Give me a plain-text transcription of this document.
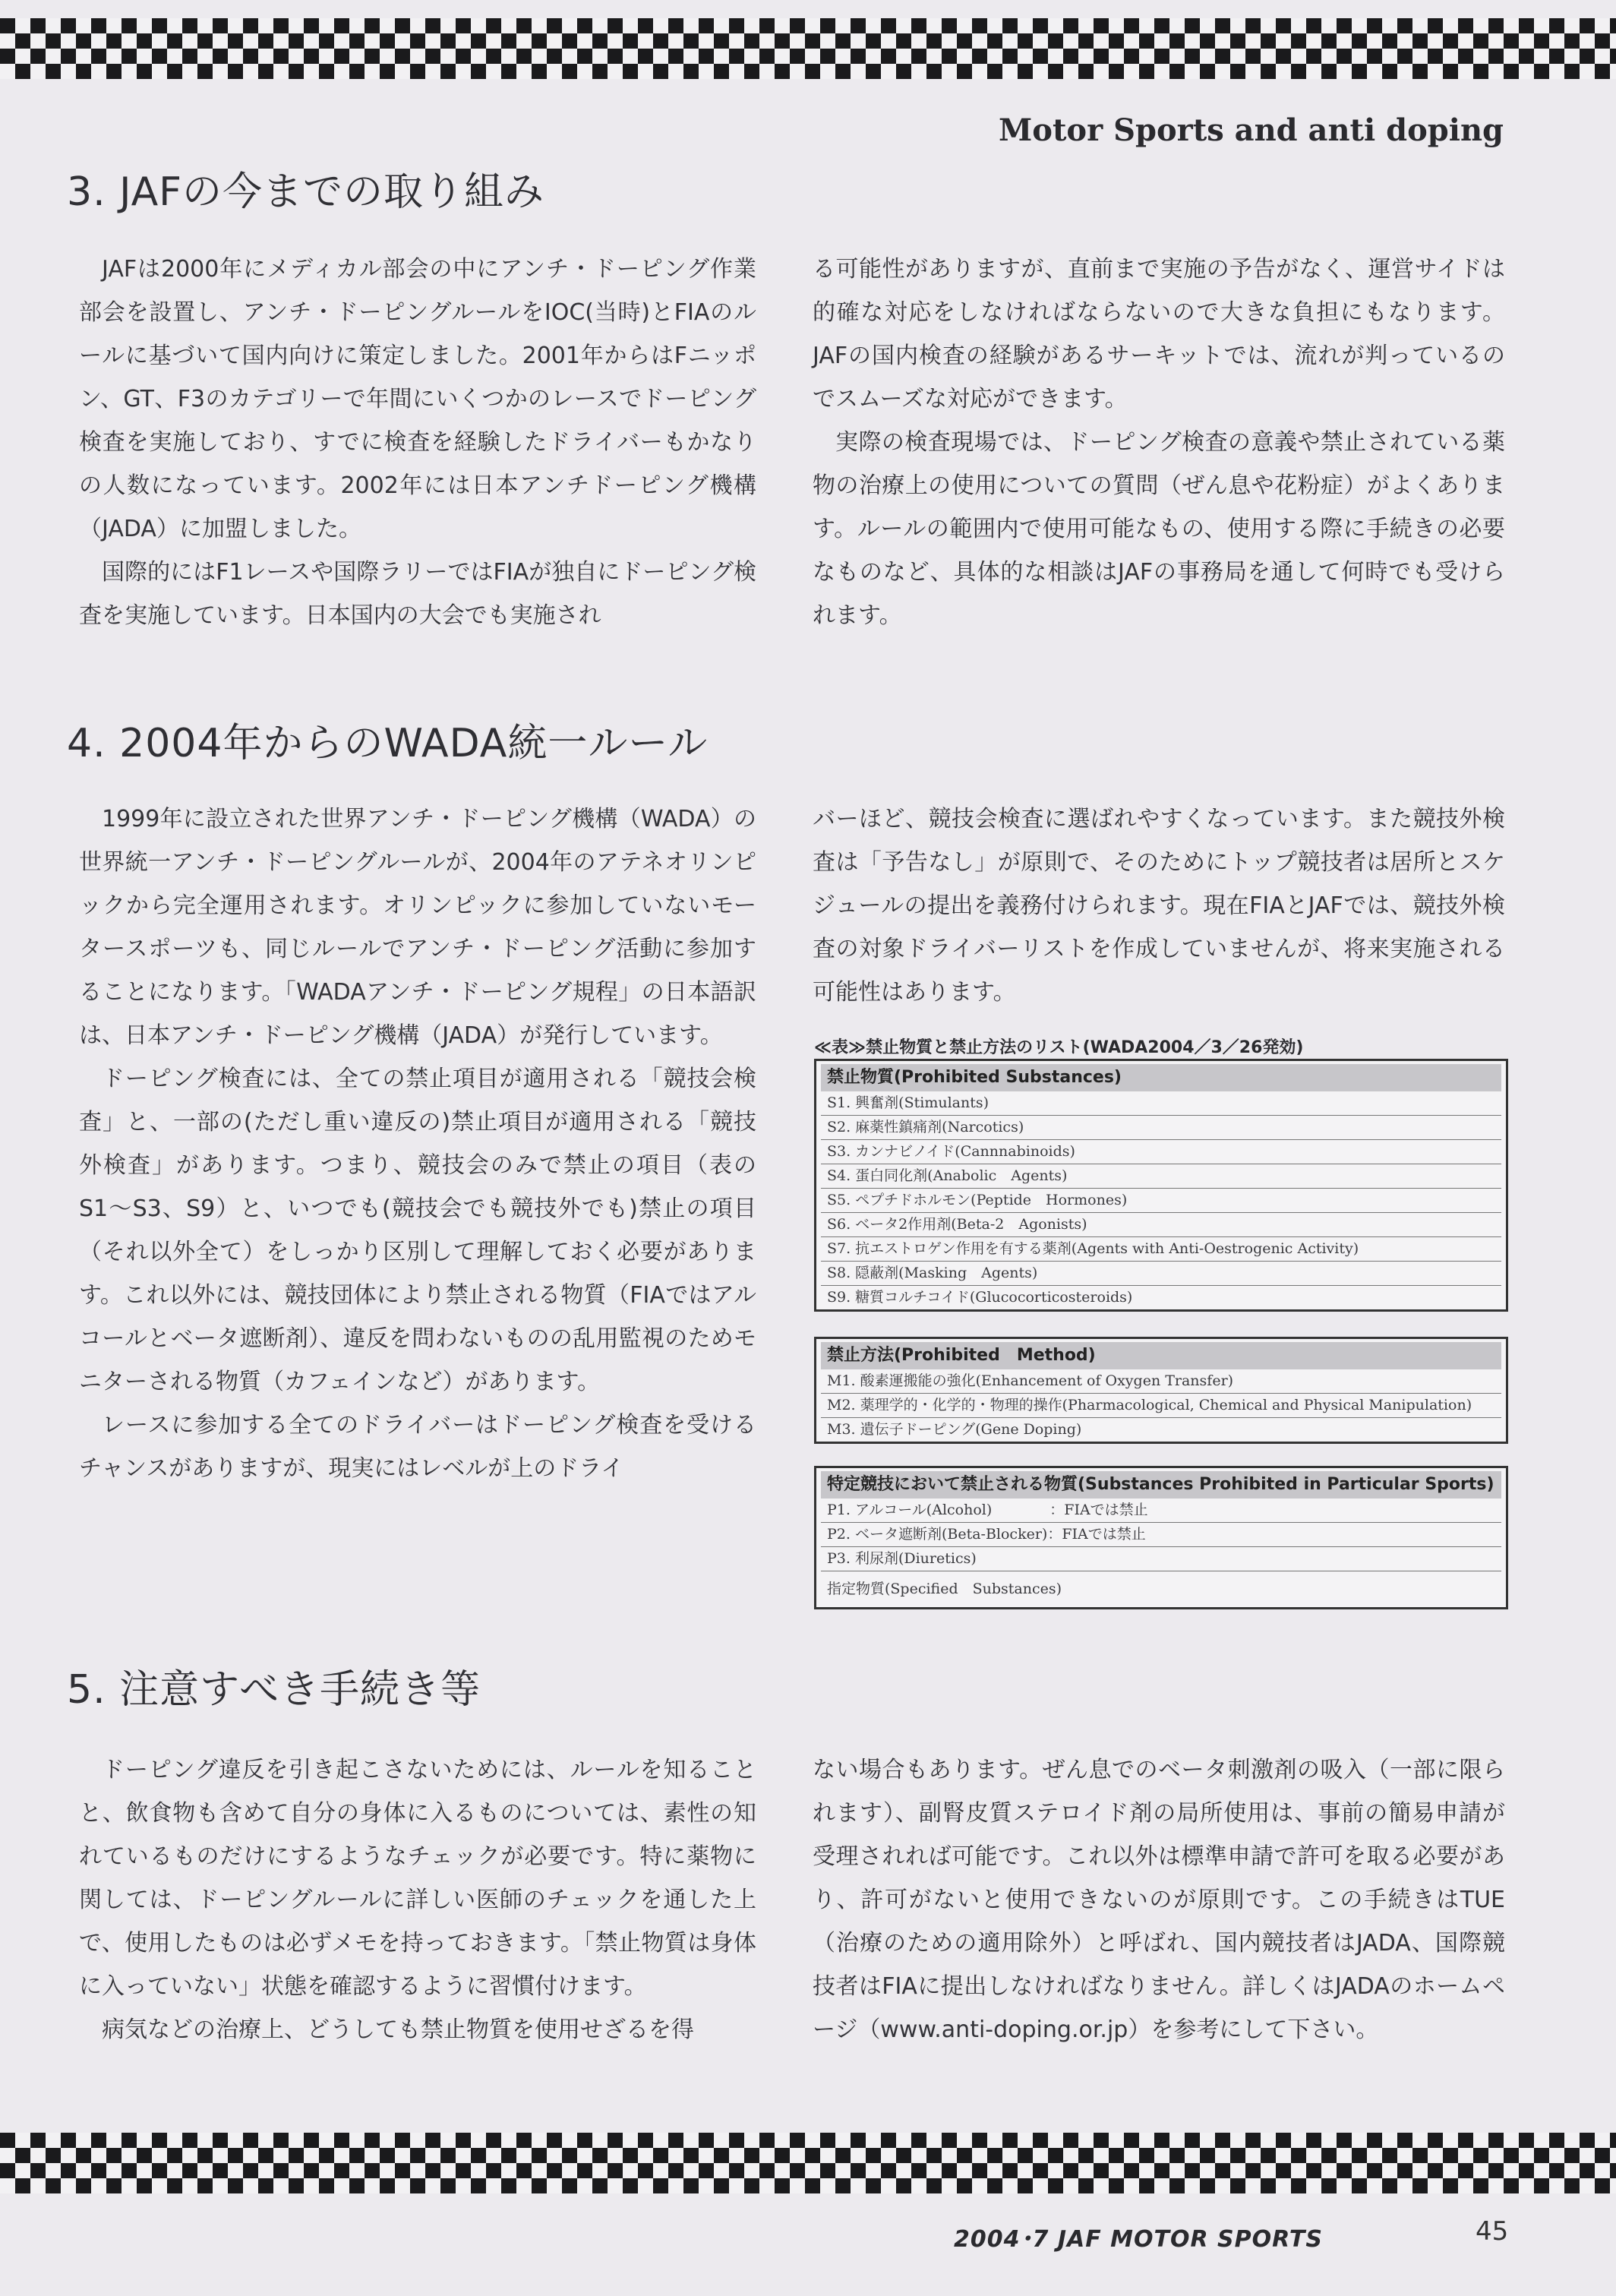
Motor Sports and anti doping
3. JAFの今までの取り組み

JAFは2000年にメディカル部会の中にアンチ・ドーピング作業部会を設置し、アンチ・ドーピングルールをIOC(当時)とFIAのルールに基づいて国内向けに策定しました。2001年からはFニッポン、GT、F3のカテゴリーで年間にいくつかのレースでドーピング検査を実施しており、すでに検査を経験したドライバーもかなりの人数になっています。2002年には日本アンチドーピング機構（JADA）に加盟しました。

国際的にはF1レースや国際ラリーではFIAが独自にドーピング検査を実施しています。日本国内の大会でも実施され

る可能性がありますが、直前まで実施の予告がなく、運営サイドは的確な対応をしなければならないので大きな負担にもなります。JAFの国内検査の経験があるサーキットでは、流れが判っているのでスムーズな対応ができます。

実際の検査現場では、ドーピング検査の意義や禁止されている薬物の治療上の使用についての質問（ぜん息や花粉症）がよくあります。ルールの範囲内で使用可能なもの、使用する際に手続きの必要なものなど、具体的な相談はJAFの事務局を通して何時でも受けられます。

4. 2004年からのWADA統一ルール

1999年に設立された世界アンチ・ドーピング機構（WADA）の世界統一アンチ・ドーピングルールが、2004年のアテネオリンピックから完全運用されます。オリンピックに参加していないモータースポーツも、同じルールでアンチ・ドーピング活動に参加することになります。「WADAアンチ・ドーピング規程」の日本語訳は、日本アンチ・ドーピング機構（JADA）が発行しています。

ドーピング検査には、全ての禁止項目が適用される「競技会検査」と、一部の(ただし重い違反の)禁止項目が適用される「競技外検査」があります。つまり、競技会のみで禁止の項目（表のS1〜S3、S9）と、いつでも(競技会でも競技外でも)禁止の項目（それ以外全て）をしっかり区別して理解しておく必要があります。これ以外には、競技団体により禁止される物質（FIAではアルコールとベータ遮断剤）、違反を問わないものの乱用監視のためモニターされる物質（カフェインなど）があります。

レースに参加する全てのドライバーはドーピング検査を受けるチャンスがありますが、現実にはレベルが上のドライ

バーほど、競技会検査に選ばれやすくなっています。また競技外検査は「予告なし」が原則で、そのためにトップ競技者は居所とスケジュールの提出を義務付けられます。現在FIAとJAFでは、競技外検査の対象ドライバーリストを作成していませんが、将来実施される可能性はあります。

≪表≫禁止物質と禁止方法のリスト(WADA2004／3／26発効)
禁止物質(Prohibited Substances)
S1. 興奮剤(Stimulants)
S2. 麻薬性鎮痛剤(Narcotics)
S3. カンナビノイド(Cannnabinoids)
S4. 蛋白同化剤(Anabolic　Agents)
S5. ペプチドホルモン(Peptide　Hormones)
S6. ベータ2作用剤(Beta-2　Agonists)
S7. 抗エストロゲン作用を有する薬剤(Agents with Anti-Oestrogenic Activity)
S8. 隠蔽剤(Masking　Agents)
S9. 糖質コルチコイド(Glucocorticosteroids)
禁止方法(Prohibited　Method)
M1. 酸素運搬能の強化(Enhancement of Oxygen Transfer)
M2. 薬理学的・化学的・物理的操作(Pharmacological, Chemical and Physical Manipulation)
M3. 遺伝子ドーピング(Gene Doping)
特定競技において禁止される物質(Substances Prohibited in Particular Sports)
P1. アルコール(Alcohol)　　　　：FIAでは禁止
P2. ベータ遮断剤(Beta-Blocker)：FIAでは禁止
P3. 利尿剤(Diuretics)
指定物質(Specified　Substances)
5. 注意すべき手続き等

ドーピング違反を引き起こさないためには、ルールを知ることと、飲食物も含めて自分の身体に入るものについては、素性の知れているものだけにするようなチェックが必要です。特に薬物に関しては、ドーピングルールに詳しい医師のチェックを通した上で、使用したものは必ずメモを持っておきます。「禁止物質は身体に入っていない」状態を確認するように習慣付けます。

病気などの治療上、どうしても禁止物質を使用せざるを得

ない場合もあります。ぜん息でのベータ刺激剤の吸入（一部に限られます）、副腎皮質ステロイド剤の局所使用は、事前の簡易申請が受理されれば可能です。これ以外は標準申請で許可を取る必要があり、許可がないと使用できないのが原則です。この手続きはTUE（治療のための適用除外）と呼ばれ、国内競技者はJADA、国際競技者はFIAに提出しなければなりません。詳しくはJADAのホームページ（www.anti-doping.or.jp）を参考にして下さい。

2004･7 JAF MOTOR SPORTS	45
